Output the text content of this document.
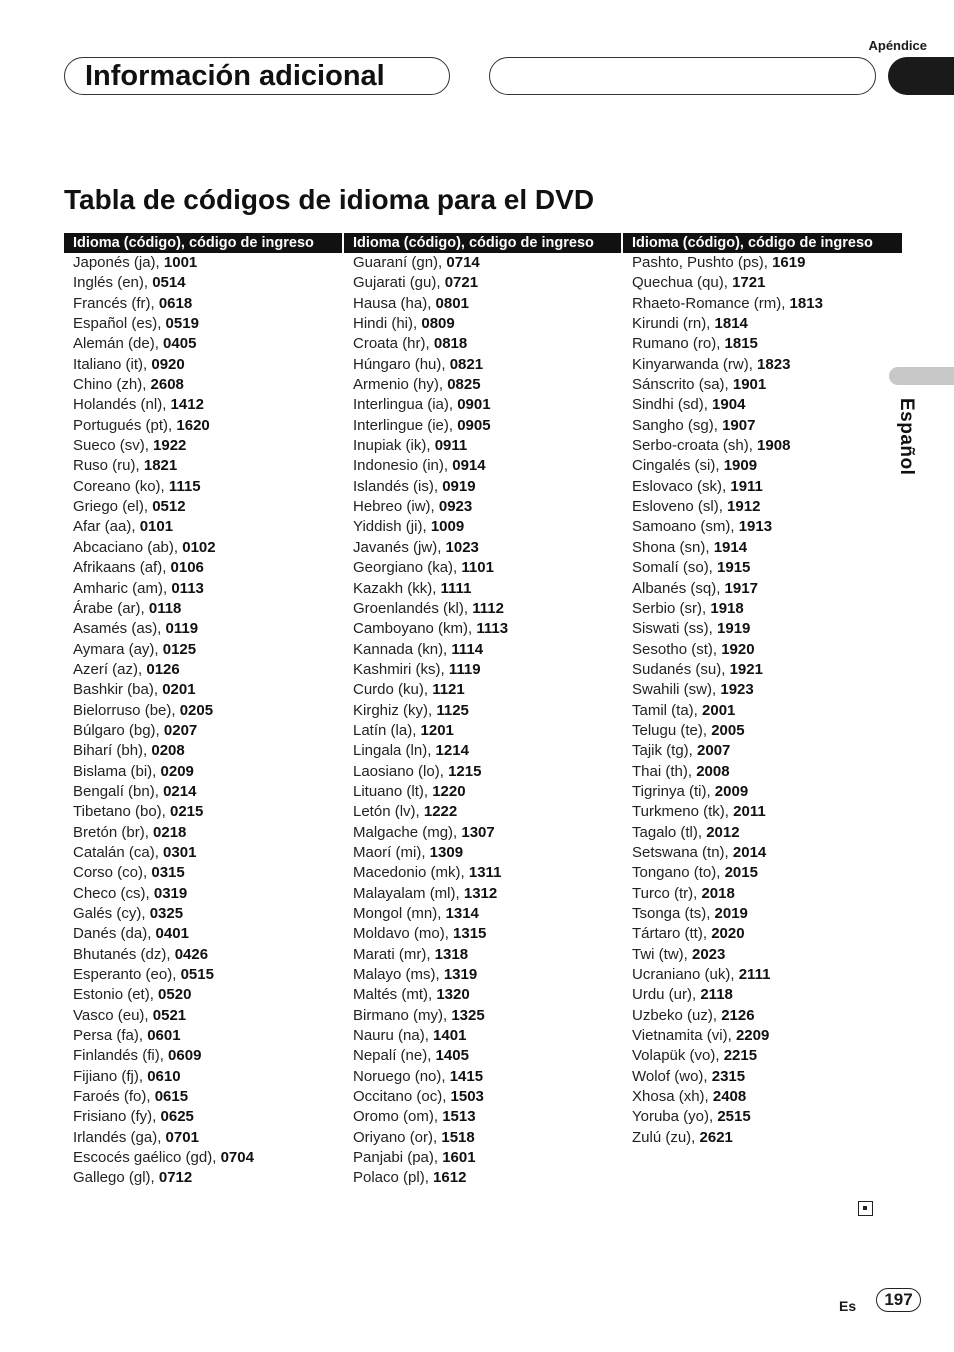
Apéndice
Información adicional
Tabla de códigos de idioma para el DVD
Idioma (código), código de ingreso
Japonés (ja), 1001
Inglés (en), 0514
Francés (fr), 0618
Español (es), 0519
Alemán (de), 0405
Italiano (it), 0920
Chino (zh), 2608
Holandés (nl), 1412
Portugués (pt), 1620
Sueco (sv), 1922
Ruso (ru), 1821
Coreano (ko), 1115
Griego (el), 0512
Afar (aa), 0101
Abcaciano (ab), 0102
Afrikaans (af), 0106
Amharic (am), 0113
Árabe (ar), 0118
Asamés (as), 0119
Aymara (ay), 0125
Azerí (az), 0126
Bashkir (ba), 0201
Bielorruso (be), 0205
Búlgaro (bg), 0207
Biharí (bh), 0208
Bislama (bi), 0209
Bengalí (bn), 0214
Tibetano (bo), 0215
Bretón (br), 0218
Catalán (ca), 0301
Corso (co), 0315
Checo (cs), 0319
Galés (cy), 0325
Danés (da), 0401
Bhutanés (dz), 0426
Esperanto (eo), 0515
Estonio (et), 0520
Vasco (eu), 0521
Persa (fa), 0601
Finlandés (fi), 0609
Fijiano (fj), 0610
Faroés (fo), 0615
Frisiano (fy), 0625
Irlandés (ga), 0701
Escocés gaélico (gd), 0704
Gallego (gl), 0712
Idioma (código), código de ingreso
Guaraní (gn), 0714
Gujarati (gu), 0721
Hausa (ha), 0801
Hindi (hi), 0809
Croata (hr), 0818
Húngaro (hu), 0821
Armenio (hy), 0825
Interlingua (ia), 0901
Interlingue (ie), 0905
Inupiak (ik), 0911
Indonesio (in), 0914
Islandés (is), 0919
Hebreo (iw), 0923
Yiddish (ji), 1009
Javanés (jw), 1023
Georgiano (ka), 1101
Kazakh (kk), 1111
Groenlandés (kl), 1112
Camboyano (km), 1113
Kannada (kn), 1114
Kashmiri (ks), 1119
Curdo (ku), 1121
Kirghiz (ky), 1125
Latín (la), 1201
Lingala (ln), 1214
Laosiano (lo), 1215
Lituano (lt), 1220
Letón (lv), 1222
Malgache (mg), 1307
Maorí (mi), 1309
Macedonio (mk), 1311
Malayalam (ml), 1312
Mongol (mn), 1314
Moldavo (mo), 1315
Marati (mr), 1318
Malayo (ms), 1319
Maltés (mt), 1320
Birmano (my), 1325
Nauru (na), 1401
Nepalí (ne), 1405
Noruego (no), 1415
Occitano (oc), 1503
Oromo (om), 1513
Oriyano (or), 1518
Panjabi (pa), 1601
Polaco (pl), 1612
Idioma (código), código de ingreso
Pashto, Pushto (ps), 1619
Quechua (qu), 1721
Rhaeto-Romance (rm), 1813
Kirundi (rn), 1814
Rumano (ro), 1815
Kinyarwanda (rw), 1823
Sánscrito (sa), 1901
Sindhi (sd), 1904
Sangho (sg), 1907
Serbo-croata (sh), 1908
Cingalés (si), 1909
Eslovaco (sk), 1911
Esloveno (sl), 1912
Samoano (sm), 1913
Shona (sn), 1914
Somalí (so), 1915
Albanés (sq), 1917
Serbio (sr), 1918
Siswati (ss), 1919
Sesotho (st), 1920
Sudanés (su), 1921
Swahili (sw), 1923
Tamil (ta), 2001
Telugu (te), 2005
Tajik (tg), 2007
Thai (th), 2008
Tigrinya (ti), 2009
Turkmeno (tk), 2011
Tagalo (tl), 2012
Setswana (tn), 2014
Tongano (to), 2015
Turco (tr), 2018
Tsonga (ts), 2019
Tártaro (tt), 2020
Twi (tw), 2023
Ucraniano (uk), 2111
Urdu (ur), 2118
Uzbeko (uz), 2126
Vietnamita (vi), 2209
Volapük (vo), 2215
Wolof (wo), 2315
Xhosa (xh), 2408
Yoruba (yo), 2515
Zulú (zu), 2621
Español
Es	197
